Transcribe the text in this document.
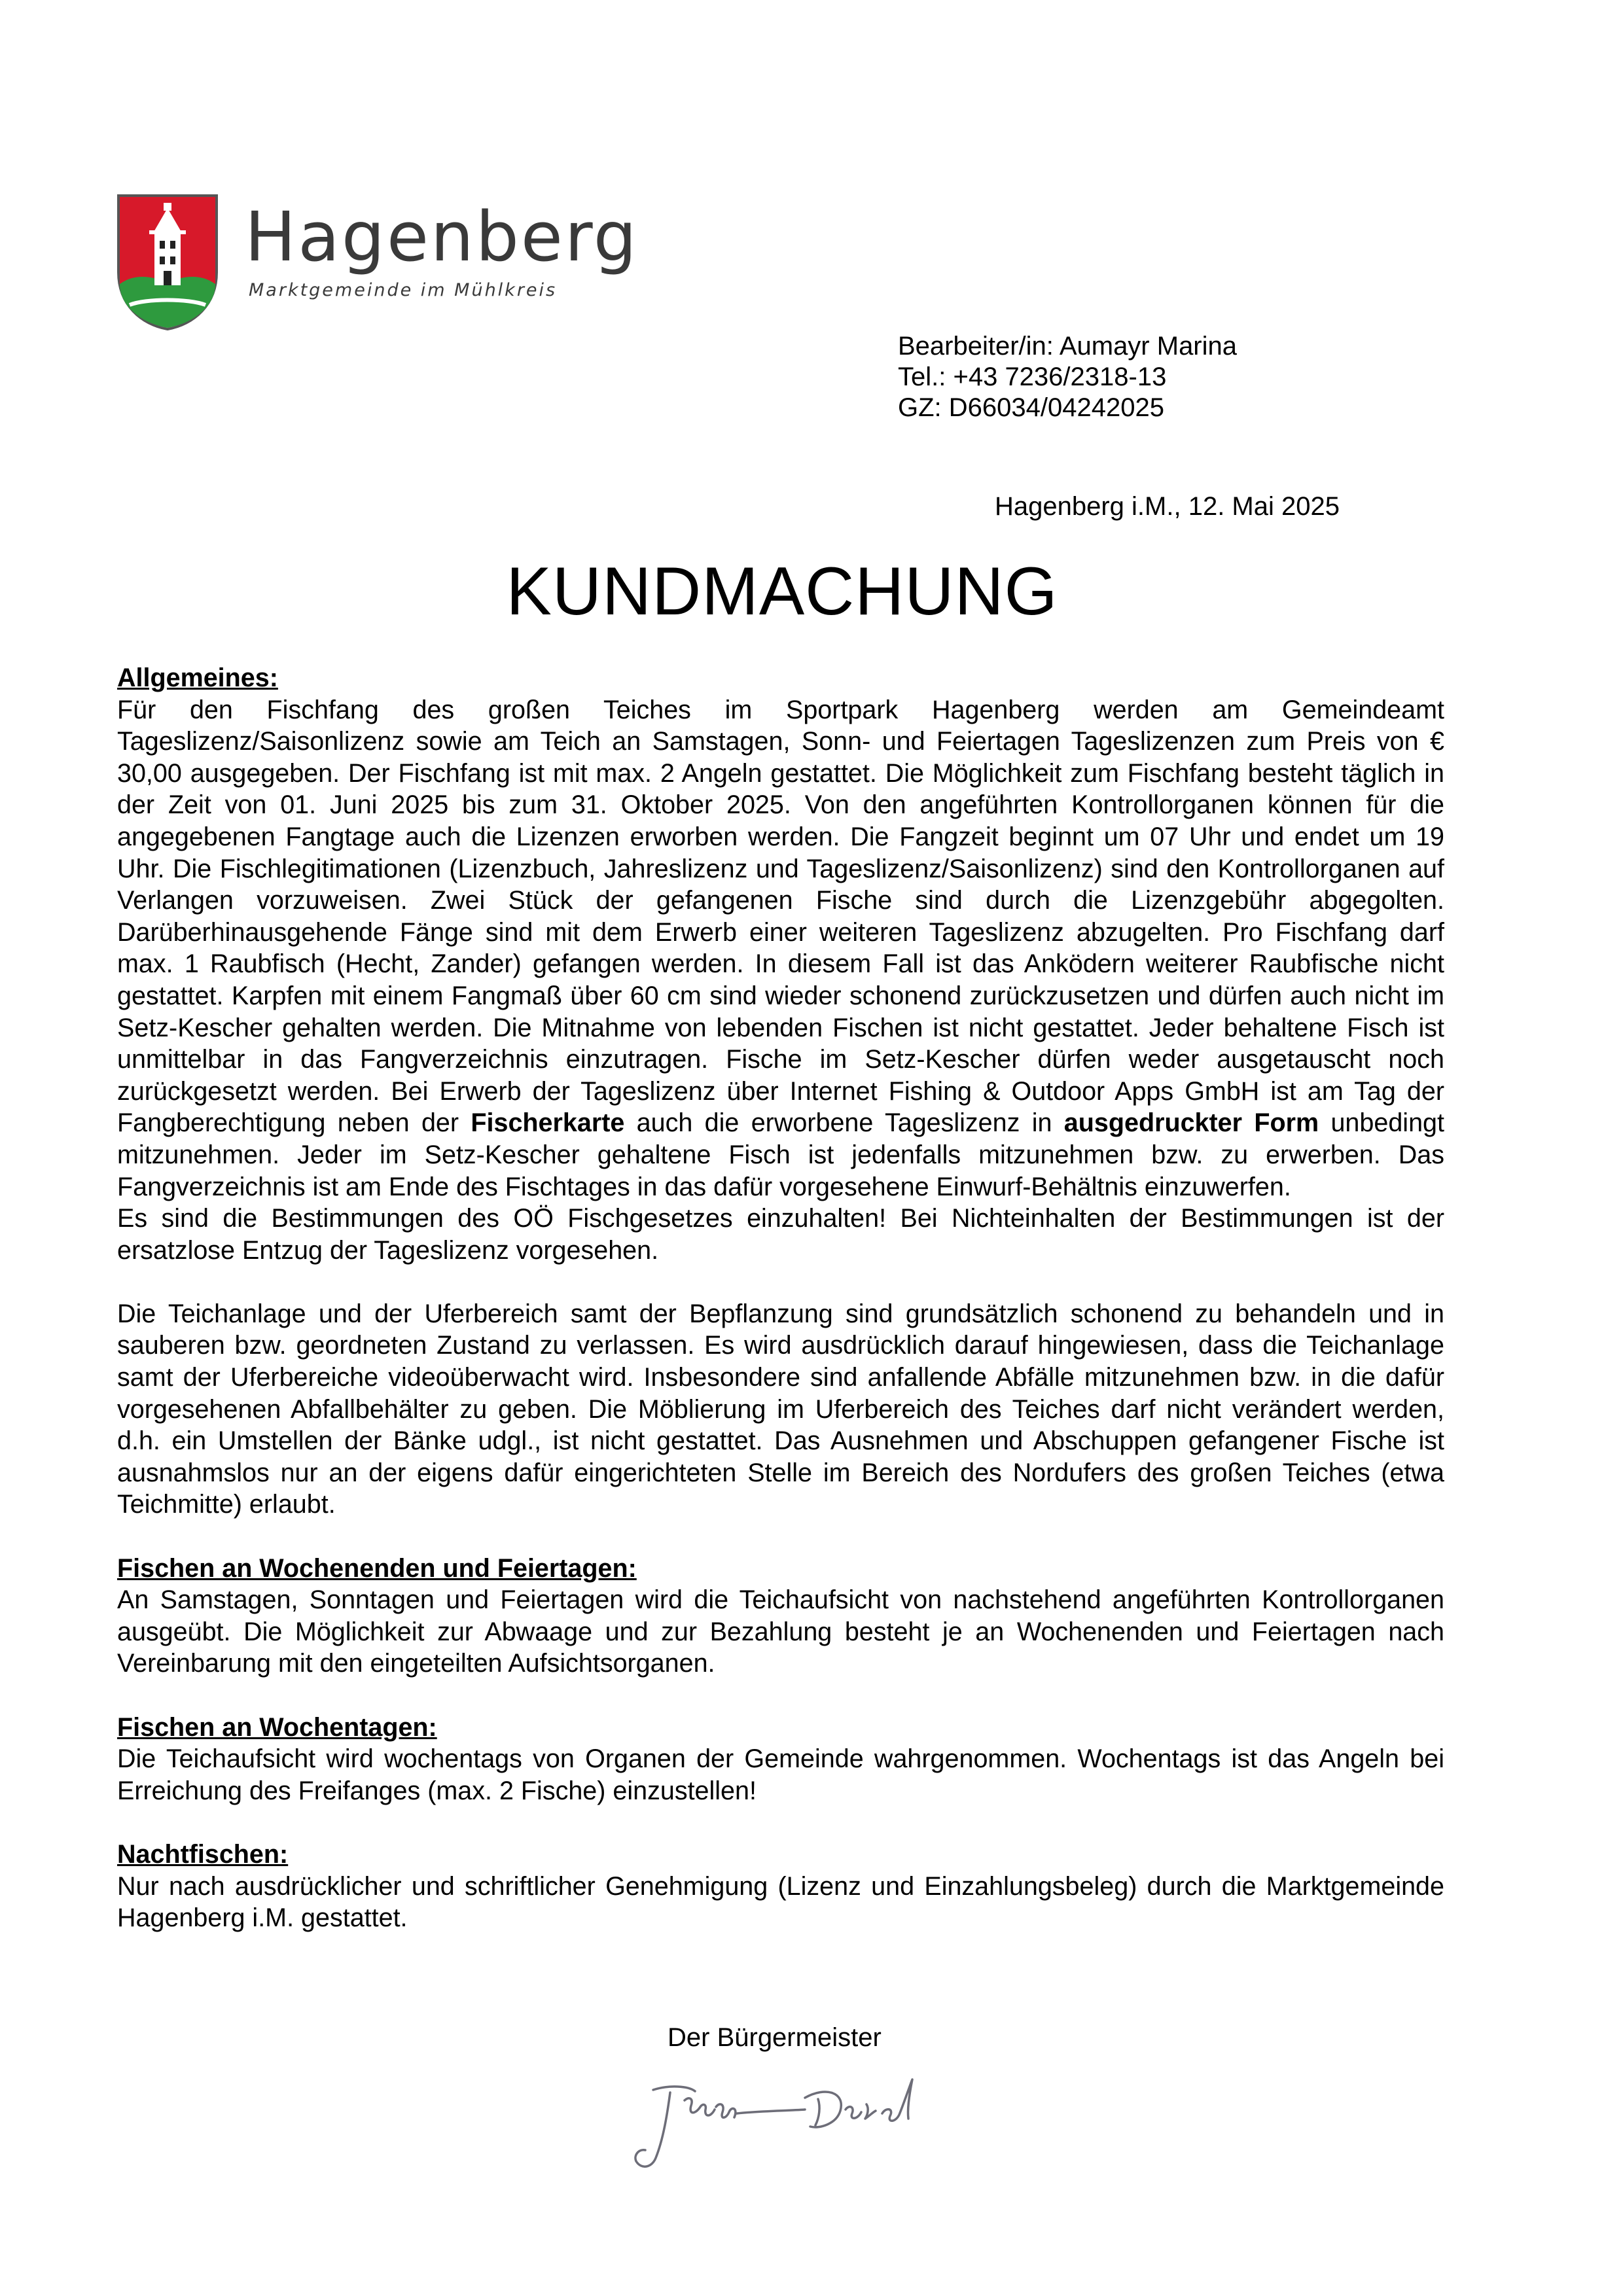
Hagenberg
Marktgemeinde im Mühlkreis
Bearbeiter/in: Aumayr Marina
Tel.: +43 7236/2318-13
GZ: D66034/04242025
Hagenberg i.M., 12. Mai 2025
KUNDMACHUNG
Allgemeines:

Für den Fischfang des großen Teiches im Sportpark Hagenberg werden am Gemeindeamt Tageslizenz/Saisonlizenz sowie am Teich an Samstagen, Sonn- und Feiertagen Tageslizenzen zum Preis von € 30,00 ausgegeben. Der Fischfang ist mit max. 2 Angeln gestattet. Die Möglichkeit zum Fischfang besteht täglich in der Zeit von 01. Juni 2025 bis zum 31. Oktober 2025. Von den angeführten Kontrollorganen können für die angegebenen Fangtage auch die Lizenzen erworben werden. Die Fangzeit beginnt um 07 Uhr und endet um 19 Uhr. Die Fischlegitimationen (Lizenzbuch, Jahreslizenz und Tageslizenz/Saisonlizenz) sind den Kontrollorganen auf Verlangen vorzuweisen. Zwei Stück der gefangenen Fische sind durch die Lizenzgebühr abgegolten. Darüberhinausgehende Fänge sind mit dem Erwerb einer weiteren Tageslizenz abzugelten. Pro Fischfang darf max. 1 Raubfisch (Hecht, Zander) gefangen werden. In diesem Fall ist das Anködern weiterer Raubfische nicht gestattet. Karpfen mit einem Fangmaß über 60 cm sind wieder schonend zurückzusetzen und dürfen auch nicht im Setz-Kescher gehalten werden. Die Mitnahme von lebenden Fischen ist nicht gestattet. Jeder behaltene Fisch ist unmittelbar in das Fangverzeichnis einzutragen. Fische im Setz-Kescher dürfen weder ausgetauscht noch zurückgesetzt werden. Bei Erwerb der Tageslizenz über Internet Fishing & Outdoor Apps GmbH ist am Tag der Fangberechtigung neben der Fischerkarte auch die erworbene Tageslizenz in ausgedruckter Form unbedingt mitzunehmen. Jeder im Setz-Kescher gehaltene Fisch ist jedenfalls mitzunehmen bzw. zu erwerben. Das Fangverzeichnis ist am Ende des Fischtages in das dafür vorgesehene Einwurf-Behältnis einzuwerfen.

Es sind die Bestimmungen des OÖ Fischgesetzes einzuhalten! Bei Nichteinhalten der Bestimmungen ist der ersatzlose Entzug der Tageslizenz vorgesehen.

Die Teichanlage und der Uferbereich samt der Bepflanzung sind grundsätzlich schonend zu behandeln und in sauberen bzw. geordneten Zustand zu verlassen. Es wird ausdrücklich darauf hingewiesen, dass die Teichanlage samt der Uferbereiche videoüberwacht wird. Insbesondere sind anfallende Abfälle mitzunehmen bzw. in die dafür vorgesehenen Abfallbehälter zu geben. Die Möblierung im Uferbereich des Teiches darf nicht verändert werden, d.h. ein Umstellen der Bänke udgl., ist nicht gestattet. Das Ausnehmen und Abschuppen gefangener Fische ist ausnahmslos nur an der eigens dafür eingerichteten Stelle im Bereich des Nordufers des großen Teiches (etwa Teichmitte) erlaubt.

Fischen an Wochenenden und Feiertagen:

An Samstagen, Sonntagen und Feiertagen wird die Teichaufsicht von nachstehend angeführten Kontrollorganen ausgeübt. Die Möglichkeit zur Abwaage und zur Bezahlung besteht je an Wochenenden und Feiertagen nach Vereinbarung mit den eingeteilten Aufsichtsorganen.

Fischen an Wochentagen:

Die Teichaufsicht wird wochentags von Organen der Gemeinde wahrgenommen. Wochentags ist das Angeln bei Erreichung des Freifanges (max. 2 Fische) einzustellen!

Nachtfischen:

Nur nach ausdrücklicher und schriftlicher Genehmigung (Lizenz und Einzahlungsbeleg) durch die Marktgemeinde Hagenberg i.M. gestattet.

Der Bürgermeister
